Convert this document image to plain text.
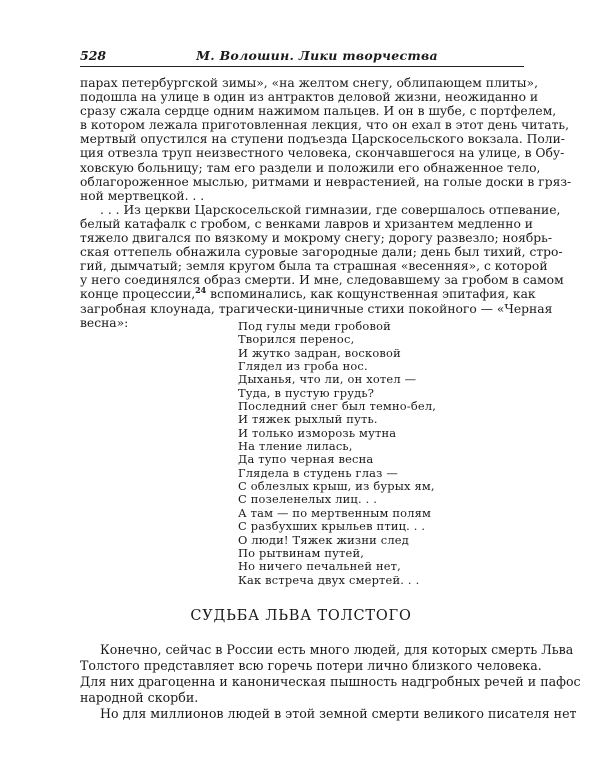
528	М. Волошин. Лики творчества
парах петербургской зимы», «на желтом снегу, облипающем плиты»,
подошла на улице в один из антрактов деловой жизни, неожиданно и
сразу сжала сердце одним нажимом пальцев. И он в шубе, с портфелем,
в котором лежала приготовленная лекция, что он ехал в этот день читать,
мертвый опустился на ступени подъезда Царскосельского вокзала. Поли-
ция отвезла труп неизвестного человека, скончавшегося на улице, в Обу-
ховскую больницу; там его раздели и положили его обнаженное тело,
облагороженное мыслью, ритмами и неврастенией, на голые доски в гряз-
ной мертвецкой. . .
. . . Из церкви Царскосельской гимназии, где совершалось отпевание,
белый катафалк с гробом, с венками лавров и хризантем медленно и
тяжело двигался по вязкому и мокрому снегу; дорогу развезло; ноябрь-
ская оттепель обнажила суровые загородные дали; день был тихий, стро-
гий, дымчатый; земля кругом была та страшная «весенняя», с которой
у него соединялся образ смерти. И мне, следовавшему за гробом в самом
конце процессии,$^{24}$ вспоминались, как кощунственная эпитафия, как
загробная клоунада, трагически-циничные стихи покойного — «Черная
весна»:	Под гулы меди гробовой
Творился перенос,
И жутко задран, восковой
Глядел из гроба нос.
Дыханья, что ли, он хотел —
Туда, в пустую грудь?
Последний снег был темно-бел,
И тяжек рыхлый путь.
И только изморозь мутна
На тление лилась,
Да тупо черная весна
Глядела в студень глаз —
С облезлых крыш, из бурых ям,
С позеленелых лиц. . .
А там — по мертвенным полям
С разбухших крыльев птиц. . .
О люди! Тяжек жизни след
По рытвинам путей,
Но ничего печальней нет,
Как встреча двух смертей. . .
СУДЬБА ЛЬВА ТОЛСТОГО
Конечно, сейчас в России есть много людей, для которых смерть Льва
Толстого представляет всю горечь потери лично близкого человека.
Для них драгоценна и каноническая пышность надгробных речей и пафос
народной скорби.
Но для миллионов людей в этой земной смерти великого писателя нет
